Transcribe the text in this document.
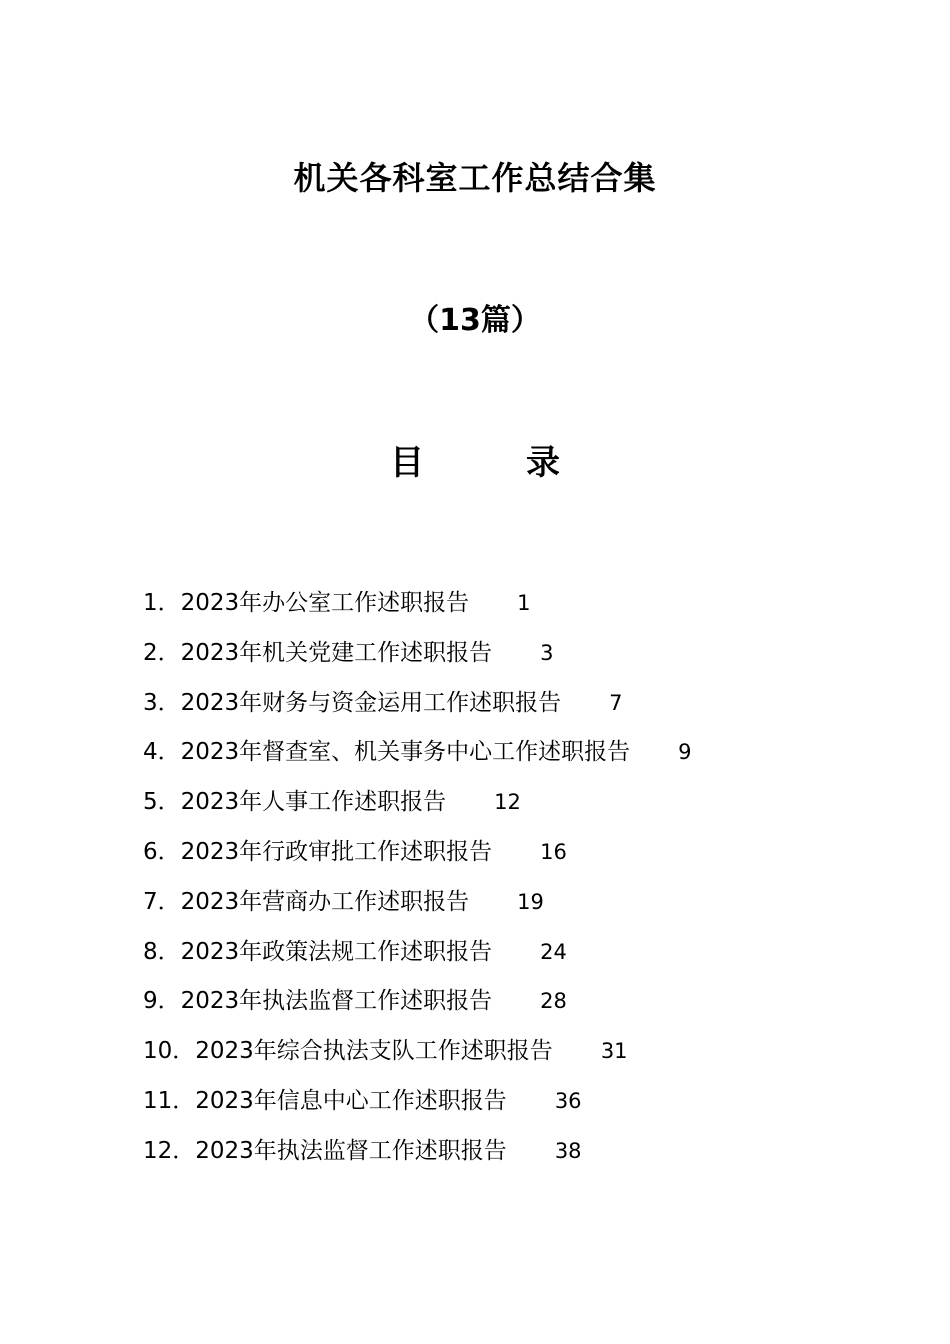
机关各科室工作总结合集
（13篇）
目　录
1．2023年办公室工作述职报告 1
2．2023年机关党建工作述职报告 3
3．2023年财务与资金运用工作述职报告 7
4．2023年督查室、机关事务中心工作述职报告 9
5．2023年人事工作述职报告 12
6．2023年行政审批工作述职报告 16
7．2023年营商办工作述职报告 19
8．2023年政策法规工作述职报告 24
9．2023年执法监督工作述职报告 28
10．2023年综合执法支队工作述职报告 31
11．2023年信息中心工作述职报告 36
12．2023年执法监督工作述职报告 38
